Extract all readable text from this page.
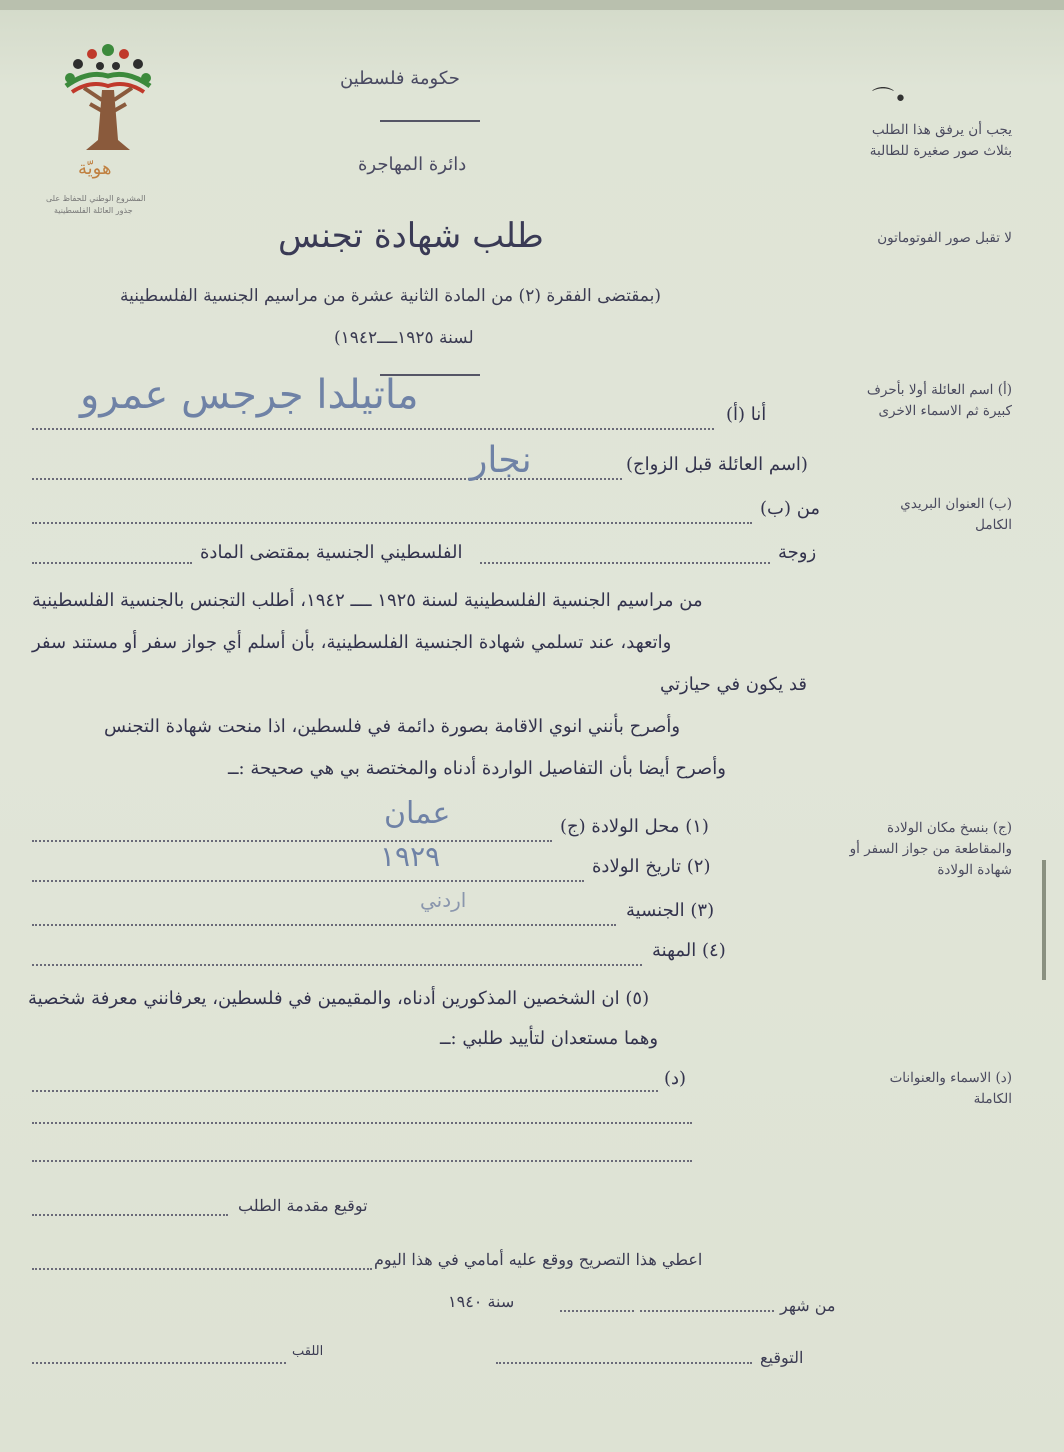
هويّة
المشروع الوطني للحفاظ على
جذور العائلة الفلسطينية
⌒•
يجب أن يرفق هذا الطلب بثلاث صور صغيرة للطالبة
لا تقبل صور الفوتوماتون
(أ) اسم العائلة أولا بأحرف كبيرة ثم الاسماء الاخرى
(ب) العنوان البريدي الكامل
(ج) بنسخ مكان الولادة والمقاطعة من جواز السفر أو شهادة الولادة
(د) الاسماء والعنوانات الكاملة
حكومة فلسطين
دائرة المهاجرة
طلب شهادة تجنس
(بمقتضى الفقرة (٢) من المادة الثانية عشرة من مراسيم الجنسية الفلسطينية
لسنة ١٩٢٥ــــ١٩٤٢)
أنا (أ)
ماتيلدا جرجس عمرو
(اسم العائلة قبل الزواج)
نجار
من (ب)
زوجة
الفلسطيني الجنسية بمقتضى المادة
من مراسيم الجنسية الفلسطينية لسنة ١٩٢٥ ــــ ١٩٤٢، أطلب التجنس بالجنسية الفلسطينية
واتعهد، عند تسلمي شهادة الجنسية الفلسطينية، بأن أسلم أي جواز سفر أو مستند سفر
قد يكون في حيازتي
وأصرح بأنني انوي الاقامة بصورة دائمة في فلسطين، اذا منحت شهادة التجنس
وأصرح أيضا بأن التفاصيل الواردة أدناه والمختصة بي هي صحيحة :ــ
(١) محل الولادة (ج)
عمان
(٢) تاريخ الولادة
١٩٢٩
(٣) الجنسية
اردني
(٤) المهنة
(٥) ان الشخصين المذكورين أدناه، والمقيمين في فلسطين، يعرفانني معرفة شخصية
وهما مستعدان لتأييد طلبي :ــ
(د)
توقيع مقدمة الطلب
اعطي هذا التصريح ووقع عليه أمامي في هذا اليوم
من شهر
سنة ١٩٤٠
التوقيع
اللقب
